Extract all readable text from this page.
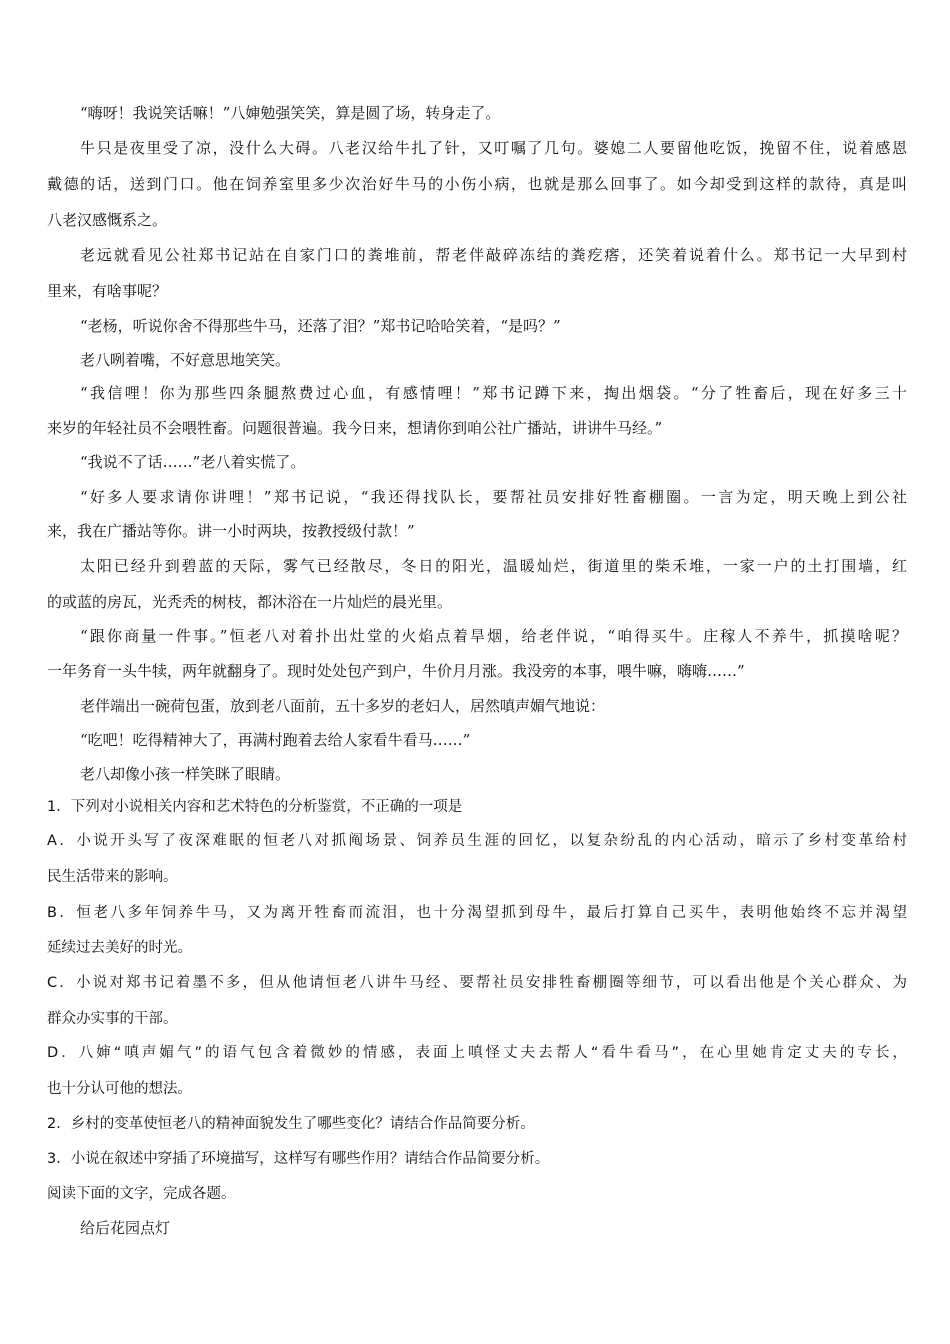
“嗨呀！我说笑话嘛！”八婶勉强笑笑，算是圆了场，转身走了。
牛只是夜里受了凉，没什么大碍。八老汉给牛扎了针，又叮嘱了几句。婆媳二人要留他吃饭，挽留不住，说着感恩
戴德的话，送到门口。他在饲养室里多少次治好牛马的小伤小病，也就是那么回事了。如今却受到这样的款待，真是叫
八老汉感慨系之。
老远就看见公社郑书记站在自家门口的粪堆前，帮老伴敲碎冻结的粪疙瘩，还笑着说着什么。郑书记一大早到村
里来，有啥事呢？
“老杨，听说你舍不得那些牛马，还落了泪？”郑书记哈哈笑着，“是吗？”
老八咧着嘴，不好意思地笑笑。
“我信哩！你为那些四条腿熬费过心血，有感情哩！”郑书记蹲下来，掏出烟袋。“分了牲畜后，现在好多三十
来岁的年轻社员不会喂牲畜。问题很普遍。我今日来，想请你到咱公社广播站，讲讲牛马经。”
“我说不了话……”老八着实慌了。
“好多人要求请你讲哩！”郑书记说，“我还得找队长，要帮社员安排好牲畜棚圈。一言为定，明天晚上到公社
来，我在广播站等你。讲一小时两块，按教授级付款！”
太阳已经升到碧蓝的天际，雾气已经散尽，冬日的阳光，温暖灿烂，街道里的柴禾堆，一家一户的土打围墙，红
的或蓝的房瓦，光秃秃的树枝，都沐浴在一片灿烂的晨光里。
“跟你商量一件事。”恒老八对着扑出灶堂的火焰点着旱烟，给老伴说，“咱得买牛。庄稼人不养牛，抓摸啥呢？
一年务育一头牛犊，两年就翻身了。现时处处包产到户，牛价月月涨。我没旁的本事，喂牛嘛，嗨嗨……”
老伴端出一碗荷包蛋，放到老八面前，五十多岁的老妇人，居然嗔声媚气地说：
“吃吧！吃得精神大了，再满村跑着去给人家看牛看马……”
老八却像小孩一样笑眯了眼睛。
1．下列对小说相关内容和艺术特色的分析鉴赏，不正确的一项是
A．小说开头写了夜深难眠的恒老八对抓阄场景、饲养员生涯的回忆，以复杂纷乱的内心活动，暗示了乡村变革给村
民生活带来的影响。
B．恒老八多年饲养牛马，又为离开牲畜而流泪，也十分渴望抓到母牛，最后打算自己买牛，表明他始终不忘并渴望
延续过去美好的时光。
C．小说对郑书记着墨不多，但从他请恒老八讲牛马经、要帮社员安排牲畜棚圈等细节，可以看出他是个关心群众、为
群众办实事的干部。
D．八婶“嗔声媚气”的语气包含着微妙的情感，表面上嗔怪丈夫去帮人“看牛看马”，在心里她肯定丈夫的专长，
也十分认可他的想法。
2．乡村的变革使恒老八的精神面貌发生了哪些变化？请结合作品简要分析。
3．小说在叙述中穿插了环境描写，这样写有哪些作用？请结合作品简要分析。
阅读下面的文字，完成各题。
给后花园点灯
